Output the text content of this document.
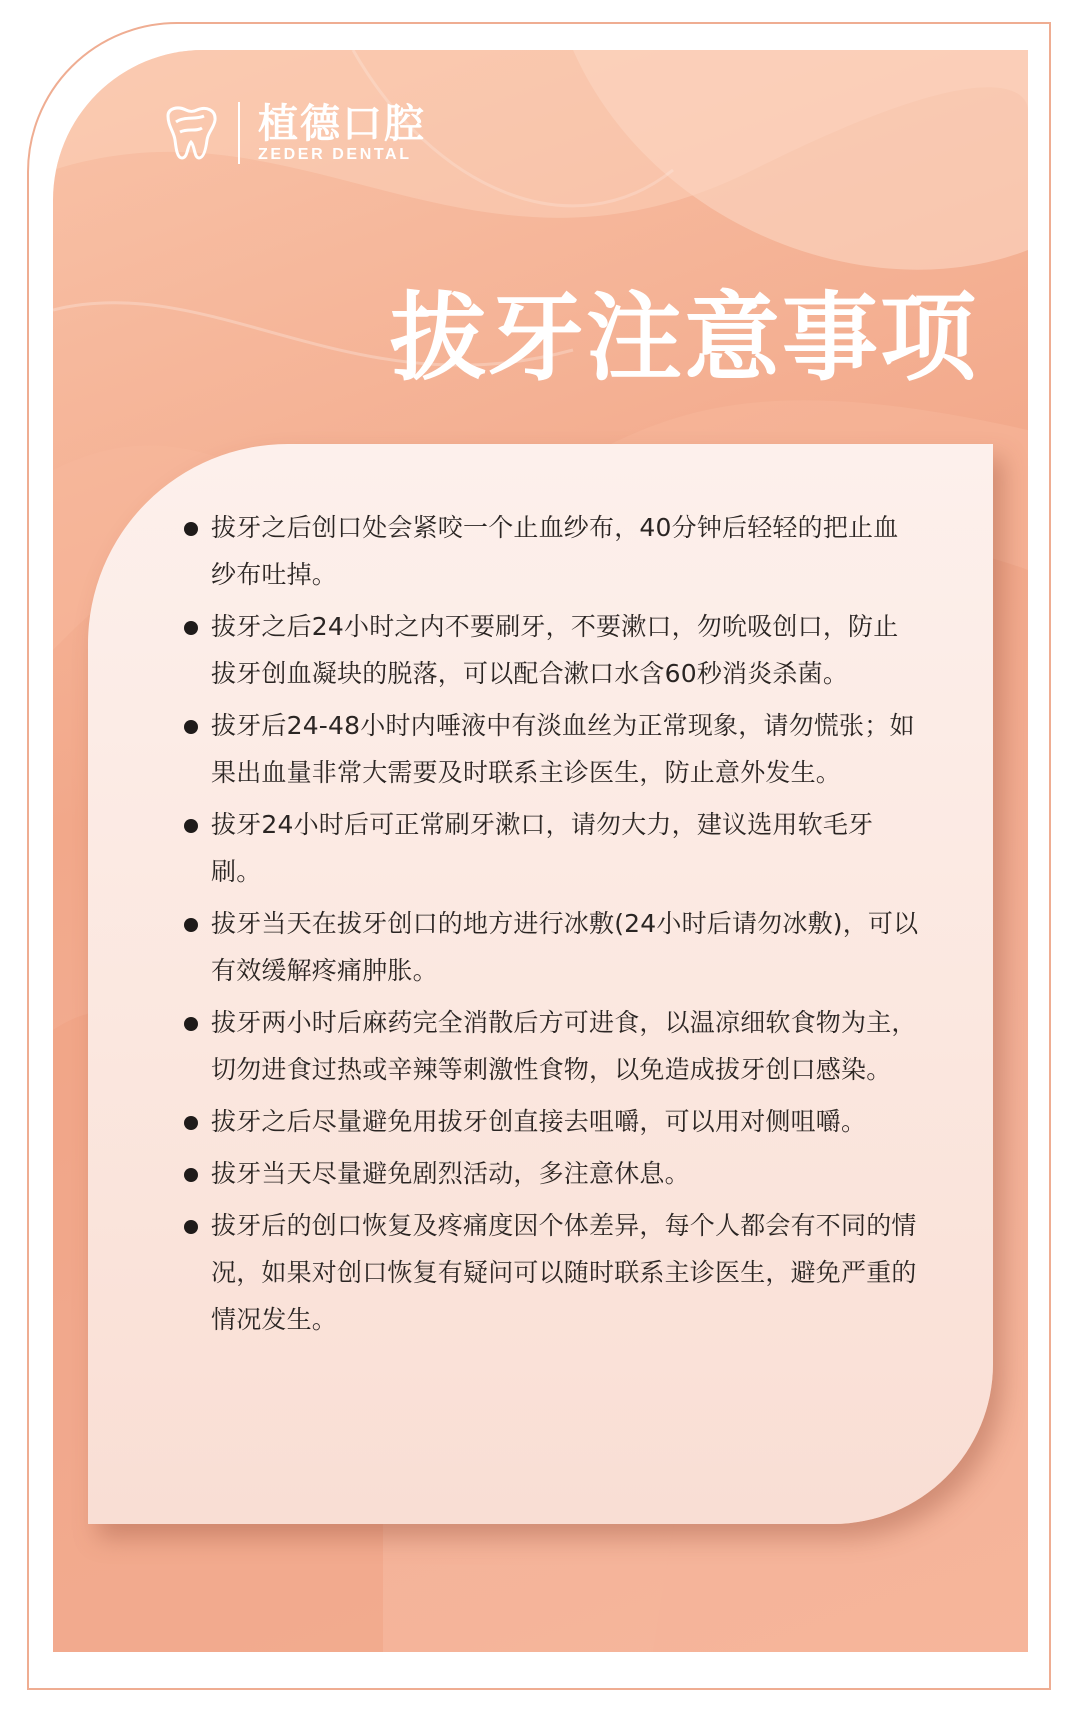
植德口腔
ZEDER DENTAL
拔牙注意事项
拔牙之后创口处会紧咬一个止血纱布，40分钟后轻轻的把止血纱布吐掉。
拔牙之后24小时之内不要刷牙，不要漱口，勿吮吸创口，防止拔牙创血凝块的脱落，可以配合漱口水含60秒消炎杀菌。
拔牙后24-48小时内唾液中有淡血丝为正常现象，请勿慌张；如果出血量非常大需要及时联系主诊医生，防止意外发生。
拔牙24小时后可正常刷牙漱口，请勿大力，建议选用软毛牙刷。
拔牙当天在拔牙创口的地方进行冰敷(24小时后请勿冰敷)，可以有效缓解疼痛肿胀。
拔牙两小时后麻药完全消散后方可进食，以温凉细软食物为主，切勿进食过热或辛辣等刺激性食物，以免造成拔牙创口感染。
拔牙之后尽量避免用拔牙创直接去咀嚼，可以用对侧咀嚼。
拔牙当天尽量避免剧烈活动，多注意休息。
拔牙后的创口恢复及疼痛度因个体差异，每个人都会有不同的情况，如果对创口恢复有疑问可以随时联系主诊医生，避免严重的情况发生。
